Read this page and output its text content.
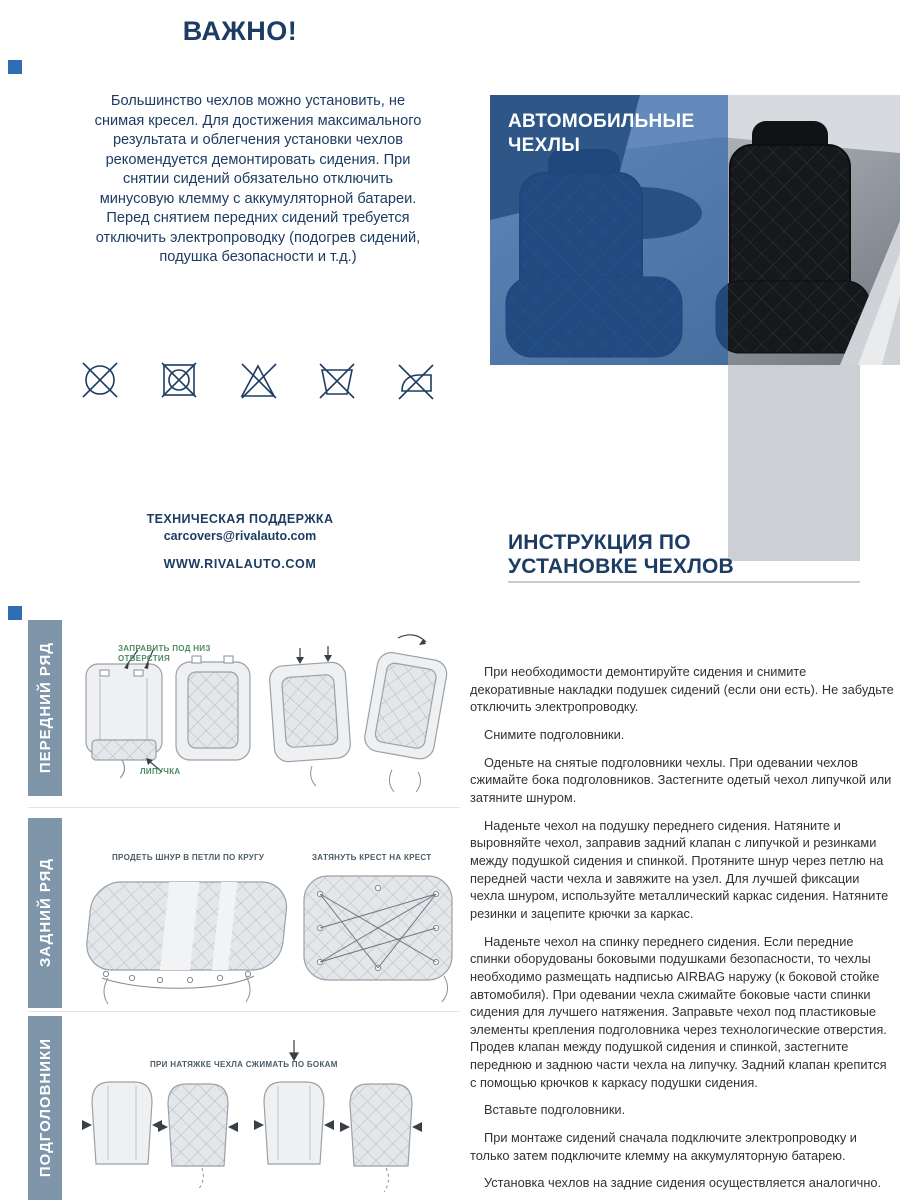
ВАЖНО!
Большинство чехлов можно установить, не снимая кресел. Для достижения максимального результата и облегчения установки чехлов рекомендуется демонтировать сидения. При снятии сидений обязательно отключить минусовую клемму с аккумуляторной батареи. Перед снятием передних сидений требуется отключить электропроводку (подогрев сидений, подушка безопасности и т.д.)
ТЕХНИЧЕСКАЯ ПОДДЕРЖКА
carcovers@rivalauto.com
WWW.RIVALAUTO.COM
АВТОМОБИЛЬНЫЕ ЧЕХЛЫ
ИНСТРУКЦИЯ ПО УСТАНОВКЕ ЧЕХЛОВ
ПЕРЕДНИЙ РЯД	ЗАПРАВИТЬ ПОД НИЗ ОТВЕРСТИЯ
ЛИПУЧКА
ЗАДНИЙ РЯД
ПРОДЕТЬ ШНУР В ПЕТЛИ ПО КРУГУ	ЗАТЯНУТЬ КРЕСТ НА КРЕСТ
ПОДГОЛОВНИКИ	ПРИ НАТЯЖКЕ ЧЕХЛА СЖИМАТЬ ПО БОКАМ

При необходимости демонтируйте сидения и снимите декоративные накладки подушек сидений (если они есть). Не забудьте отключить электропроводку.

Снимите подголовники.

Оденьте на снятые подголовники чехлы. При одевании чехлов сжимайте бока подголовников. Застегните одетый чехол липучкой или затяните шнуром.

Наденьте чехол на подушку переднего сидения. Натяните и выровняйте чехол, заправив задний клапан с липучкой и резинками между подушкой сидения и спинкой. Протяните шнур через петлю на передней части чехла и завяжите на узел. Для лучшей фиксации чехла шнуром, используйте металлический каркас сидения. Натяните резинки и зацепите крючки за каркас.

Наденьте чехол на спинку переднего сидения. Если передние спинки оборудованы боковыми подушками безопасности, то чехлы необходимо размещать надписью AIRBAG наружу (к боковой стойке автомобиля). При одевании чехла сжимайте боковые части спинки сидения для лучшего натяжения. Заправьте чехол под пластиковые элементы крепления подголовника через технологические отверстия. Продев клапан между подушкой сидения и спинкой, застегните переднюю и заднюю части чехла на липучку. Задний клапан крепится с помощью крючков к каркасу подушки сидения.

Вставьте подголовники.

При монтаже сидений сначала подключите электропроводку и только затем подключите клемму на аккумуляторную батарею.

Установка чехлов на задние сидения осуществляется аналогично.
